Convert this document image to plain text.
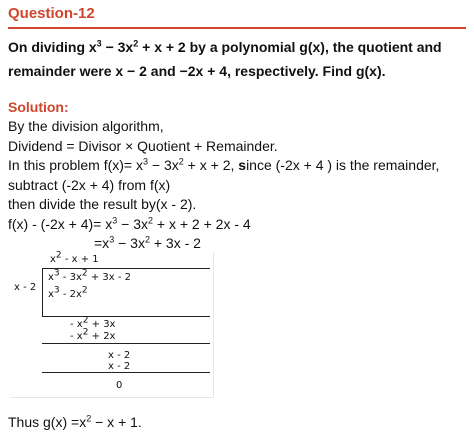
Question-12
On dividing $x^3 - 3x^2 + x + 2$ by a polynomial g(x), the quotient and
remainder were x − 2 and −2x + 4, respectively. Find g(x).
Solution:
By the division algorithm,
Dividend = Divisor × Quotient + Remainder.
In this problem $f(x)= x^3 - 3x^2 + x + 2$, since (-2x + 4 ) is the remainder,
subtract (-2x + 4) from f(x)
then divide the result by(x - 2).
$f(x) - (-2x + 4)= x^3 - 3x^2 + x + 2 + 2x - 4$
$=x^3 - 3x^2 + 3x - 2$
$x^2 - x + 1$
x - 2
$x^3 - 3x^2 + 3x - 2$
$x^3 - 2x^2$
- $x^2 + 3x$
- $x^2 + 2x$
x - 2
x - 2
0
Thus $g(x) =x^2 - x + 1$.
